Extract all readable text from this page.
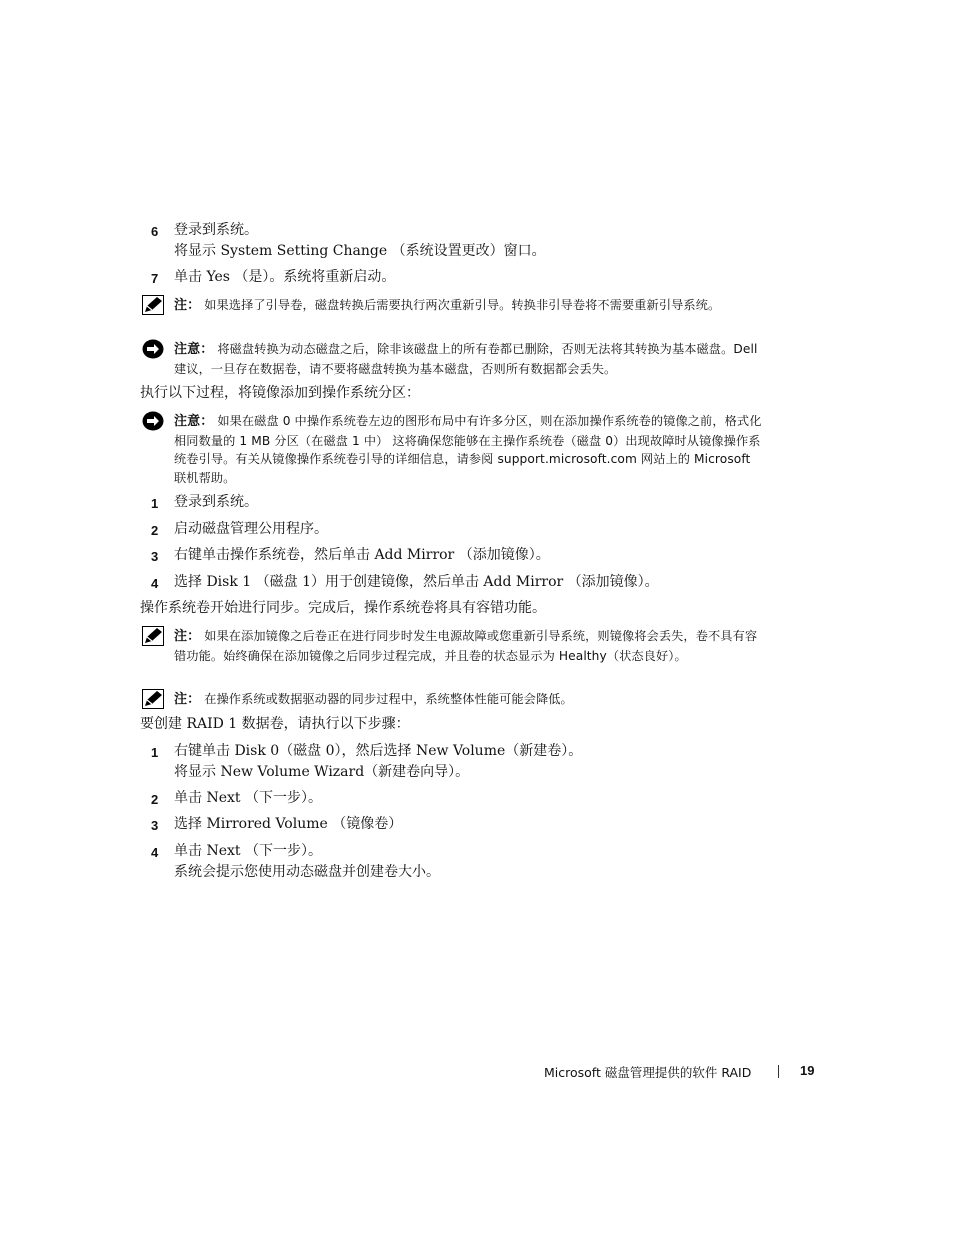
6 登录到系统。
将显示 System Setting Change （系统设置更改）窗口。
7 单击 Yes （是）。系统将重新启动。
注： 如果选择了引导卷，磁盘转换后需要执行两次重新引导。转换非引导卷将不需要重新引导系统。
注意： 将磁盘转换为动态磁盘之后，除非该磁盘上的所有卷都已删除，否则无法将其转换为基本磁盘。Dell 建议，一旦存在数据卷，请不要将磁盘转换为基本磁盘，否则所有数据都会丢失。
执行以下过程，将镜像添加到操作系统分区：
注意： 如果在磁盘 0 中操作系统卷左边的图形布局中有许多分区，则在添加操作系统卷的镜像之前，格式化相同数量的 1 MB 分区（在磁盘 1 中） 这将确保您能够在主操作系统卷（磁盘 0）出现故障时从镜像操作系统卷引导。有关从镜像操作系统卷引导的详细信息，请参阅 support.microsoft.com 网站上的 Microsoft 联机帮助。
1 登录到系统。
2 启动磁盘管理公用程序。
3 右键单击操作系统卷，然后单击 Add Mirror （添加镜像）。
4 选择 Disk 1 （磁盘 1）用于创建镜像，然后单击 Add Mirror （添加镜像）。
操作系统卷开始进行同步。完成后，操作系统卷将具有容错功能。
注： 如果在添加镜像之后卷正在进行同步时发生电源故障或您重新引导系统，则镜像将会丢失，卷不具有容错功能。始终确保在添加镜像之后同步过程完成，并且卷的状态显示为 Healthy（状态良好）。
注： 在操作系统或数据驱动器的同步过程中，系统整体性能可能会降低。
要创建 RAID 1 数据卷，请执行以下步骤：
1 右键单击 Disk 0（磁盘 0），然后选择 New Volume（新建卷）。
将显示 New Volume Wizard（新建卷向导）。
2 单击 Next （下一步）。
3 选择 Mirrored Volume （镜像卷）
4 单击 Next （下一步）。
系统会提示您使用动态磁盘并创建卷大小。
Microsoft 磁盘管理提供的软件 RAID	19
